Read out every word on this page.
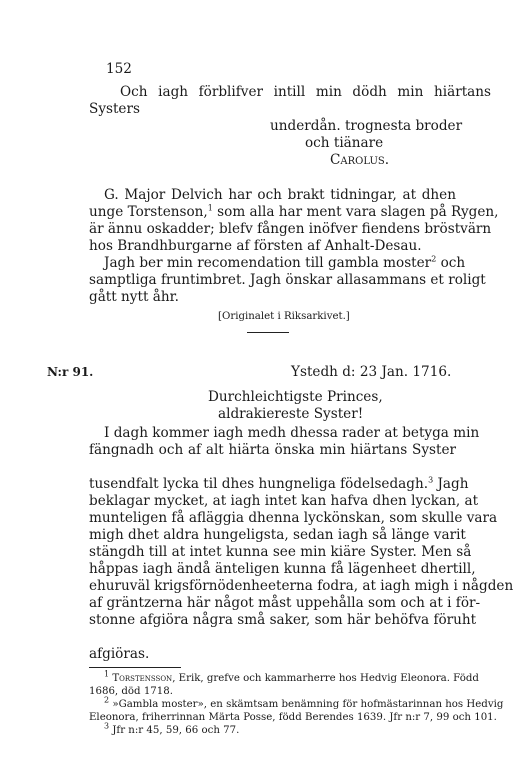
152
Och iagh förblifver intill min dödh min hiärtans
Systers
underdån. trognesta broder
och tiänare
Carolus.
G. Major Delvich har och brakt tidningar, at dhen
unge Torstenson,$^1$ som alla har ment vara slagen på Rygen,
är ännu oskadder; blefv fången inöfver fiendens bröstvärn
hos Brandhburgarne af försten af Anhalt-Desau.
Jagh ber min recomendation till gambla moster$^2$ och
samptliga fruntimbret. Jagh önskar allasammans et roligt
gått nytt åhr.
[Originalet i Riksarkivet.]
N:r 91.	Ystedh d: 23 Jan. 1716.
Durchleichtigste Princes,
aldrakiereste Syster!
I dagh kommer iagh medh dhessa rader at betyga min
fängnadh och af alt hiärta önska min hiärtans Syster
tusendfalt lycka til dhes hungneliga födelsedagh.$^3$ Jagh
beklagar mycket, at iagh intet kan hafva dhen lyckan, at
munteligen få afläggia dhenna lyckönskan, som skulle vara
migh dhet aldra hungeligsta, sedan iagh så länge varit
stängdh till at intet kunna see min kiäre Syster. Men så
håppas iagh ändå änteligen kunna få lägenheet dhertill,
ehuruväl krigsförnödenheeterna fodra, at iagh migh i någden
af gräntzerna här något måst uppehålla som och at i för-
stonne afgiöra några små saker, som här behöfva föruht
afgiöras.
$^1$ Torstensson, Erik, grefve och kammarherre hos Hedvig Eleonora. Född
1686, död 1718.
$^2$ »Gambla moster», en skämtsam benämning för hofmästarinnan hos Hedvig
Eleonora, friherrinnan Märta Posse, född Berendes 1639. Jfr n:r 7, 99 och 101.
$^3$ Jfr n:r 45, 59, 66 och 77.
